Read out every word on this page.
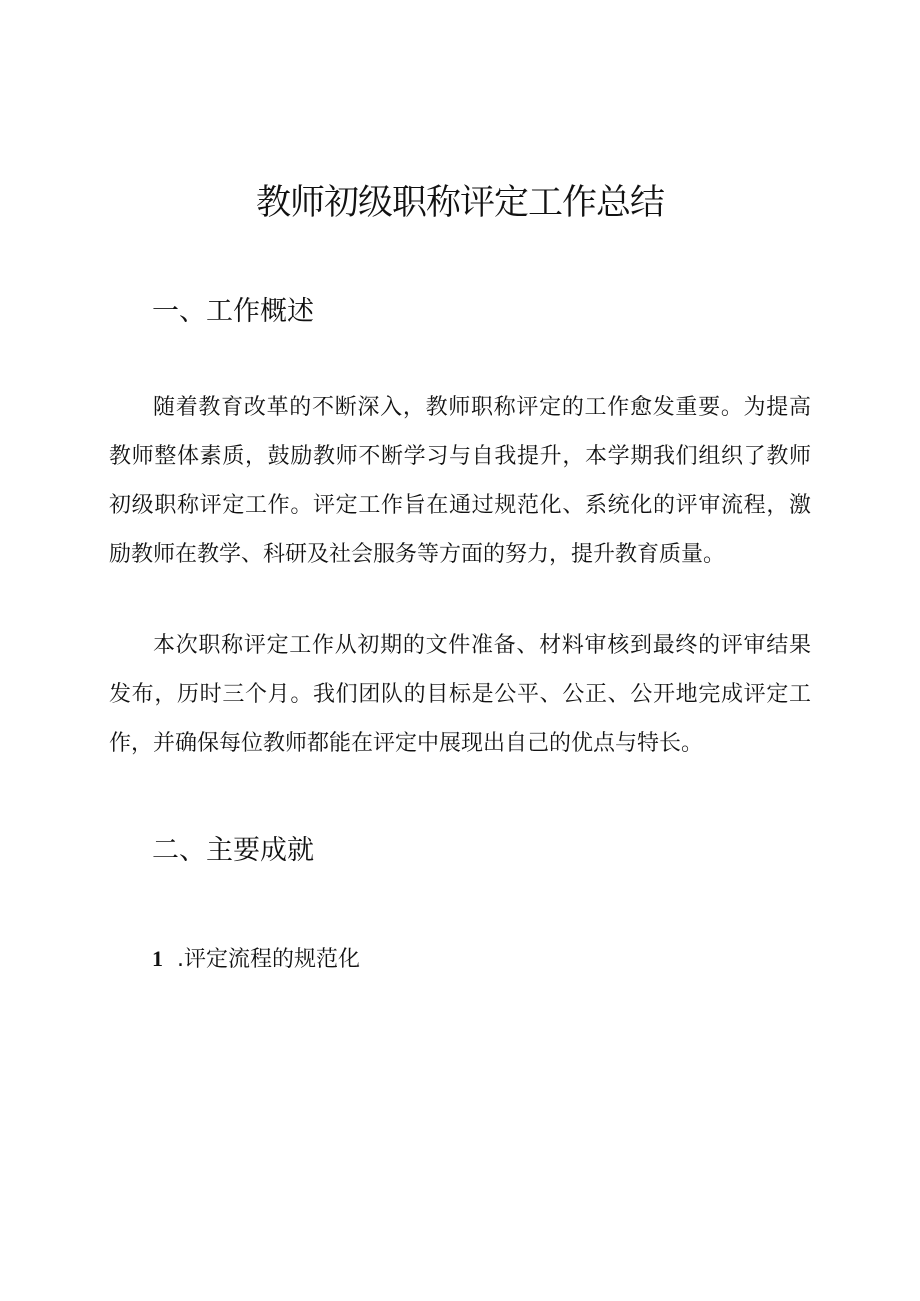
教师初级职称评定工作总结
一、工作概述

随着教育改革的不断深入，教师职称评定的工作愈发重要。为提高教师整体素质，鼓励教师不断学习与自我提升，本学期我们组织了教师初级职称评定工作。评定工作旨在通过规范化、系统化的评审流程，激励教师在教学、科研及社会服务等方面的努力，提升教育质量。

本次职称评定工作从初期的文件准备、材料审核到最终的评审结果发布，历时三个月。我们团队的目标是公平、公正、公开地完成评定工作，并确保每位教师都能在评定中展现出自己的优点与特长。

二、主要成就
1 .评定流程的规范化
